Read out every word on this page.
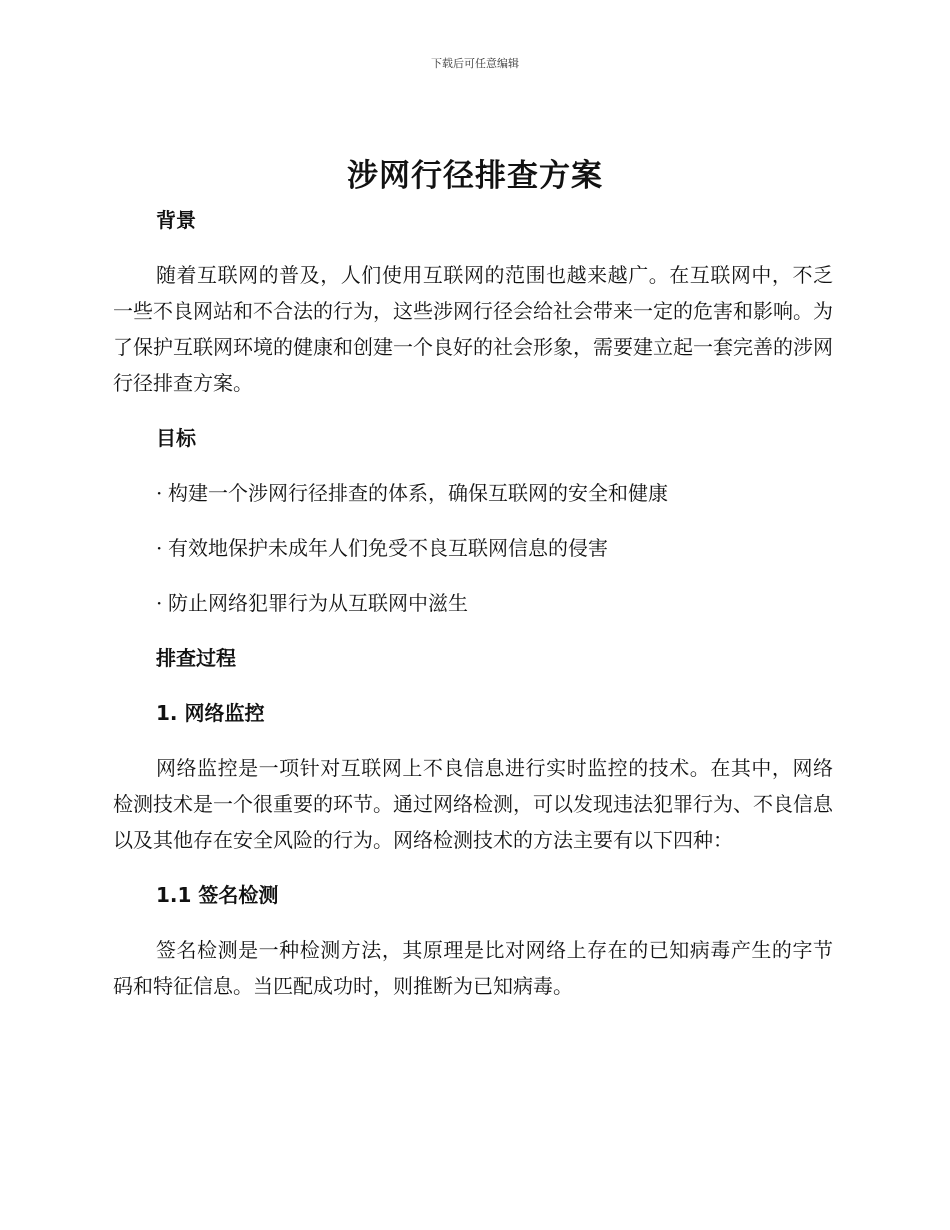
下载后可任意编辑
涉网行径排查方案
背景

随着互联网的普及，人们使用互联网的范围也越来越广。在互联网中，不乏一些不良网站和不合法的行为，这些涉网行径会给社会带来一定的危害和影响。为了保护互联网环境的健康和创建一个良好的社会形象，需要建立起一套完善的涉网行径排查方案。

目标
· 构建一个涉网行径排查的体系，确保互联网的安全和健康
· 有效地保护未成年人们免受不良互联网信息的侵害
· 防止网络犯罪行为从互联网中滋生
排查过程
1. 网络监控

网络监控是一项针对互联网上不良信息进行实时监控的技术。在其中，网络检测技术是一个很重要的环节。通过网络检测，可以发现违法犯罪行为、不良信息以及其他存在安全风险的行为。网络检测技术的方法主要有以下四种：

1.1 签名检测

签名检测是一种检测方法，其原理是比对网络上存在的已知病毒产生的字节码和特征信息。当匹配成功时，则推断为已知病毒。
